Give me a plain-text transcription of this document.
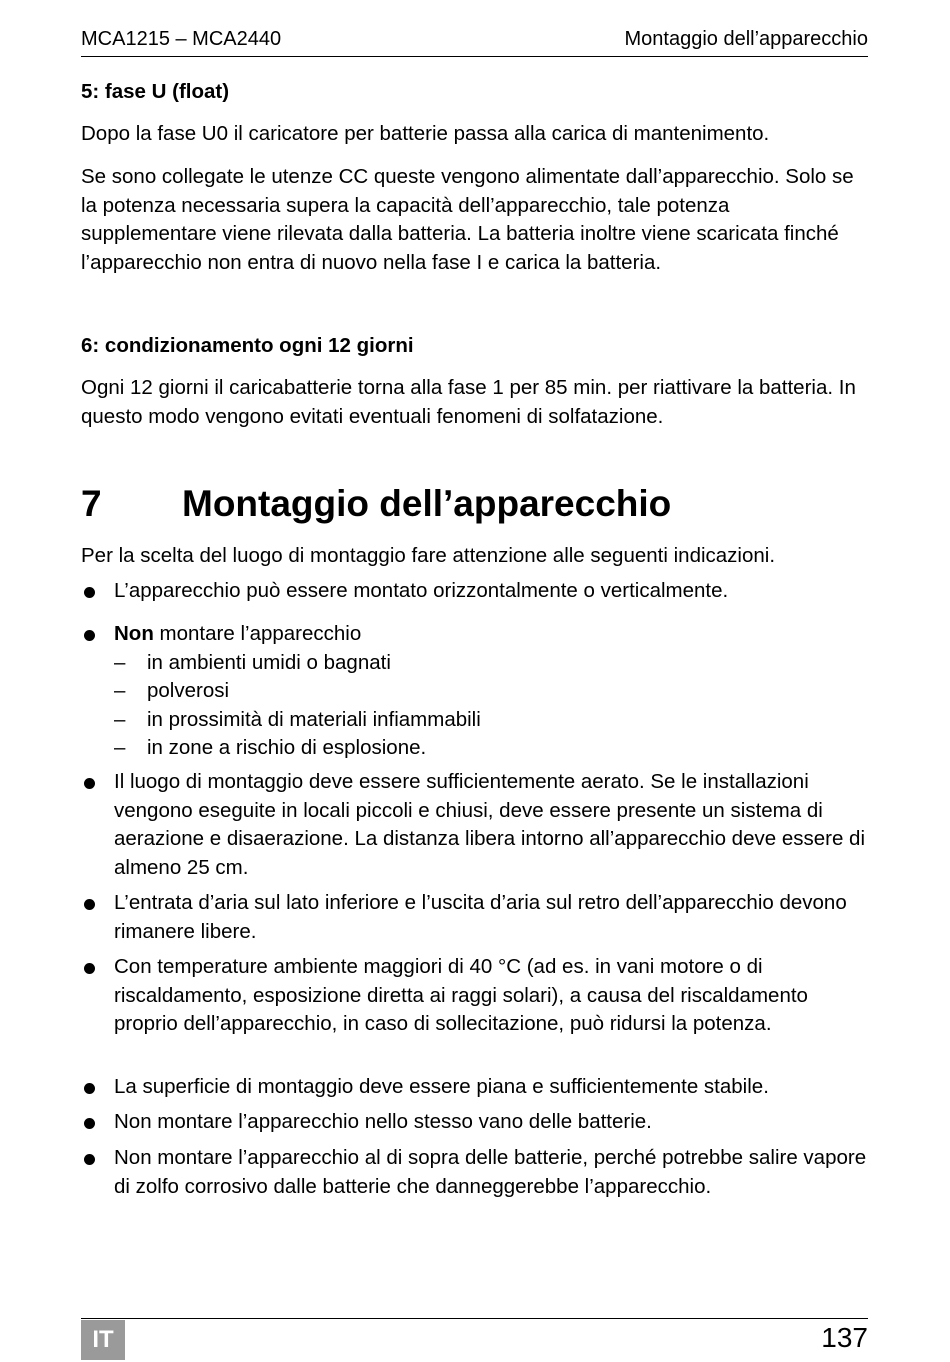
MCA1215 – MCA2440	Montaggio dell’apparecchio

5: fase U (float)

Dopo la fase U0 il caricatore per batterie passa alla carica di mantenimento.

Se sono collegate le utenze CC queste vengono alimentate dall’apparecchio. Solo se la potenza necessaria supera la capacità dell’apparecchio, tale potenza supplementare viene rilevata dalla batteria. La batteria inoltre viene scaricata finché l’apparecchio non entra di nuovo nella fase I e carica la batteria.

6: condizionamento ogni 12 giorni

Ogni 12 giorni il caricabatterie torna alla fase 1 per 85 min. per riattivare la batteria. In questo modo vengono evitati eventuali fenomeni di solfatazione.

7 Montaggio dell’apparecchio

Per la scelta del luogo di montaggio fare attenzione alle seguenti indicazioni.

L’apparecchio può essere montato orizzontalmente o verticalmente.
Non montare l’apparecchio
– in ambienti umidi o bagnati
– polverosi
– in prossimità di materiali infiammabili
– in zone a rischio di esplosione.
Il luogo di montaggio deve essere sufficientemente aerato. Se le installazioni vengono eseguite in locali piccoli e chiusi, deve essere presente un sistema di aerazione e disaerazione. La distanza libera intorno all’apparecchio deve essere di almeno 25 cm.
L’entrata d’aria sul lato inferiore e l’uscita d’aria sul retro dell’apparecchio devono rimanere libere.
Con temperature ambiente maggiori di 40 °C (ad es. in vani motore o di riscaldamento, esposizione diretta ai raggi solari), a causa del riscaldamento proprio dell’apparecchio, in caso di sollecitazione, può ridursi la potenza.
La superficie di montaggio deve essere piana e sufficientemente stabile.
Non montare l’apparecchio nello stesso vano delle batterie.
Non montare l’apparecchio al di sopra delle batterie, perché potrebbe salire vapore di zolfo corrosivo dalle batterie che danneggerebbe l’apparecchio.
IT	137
